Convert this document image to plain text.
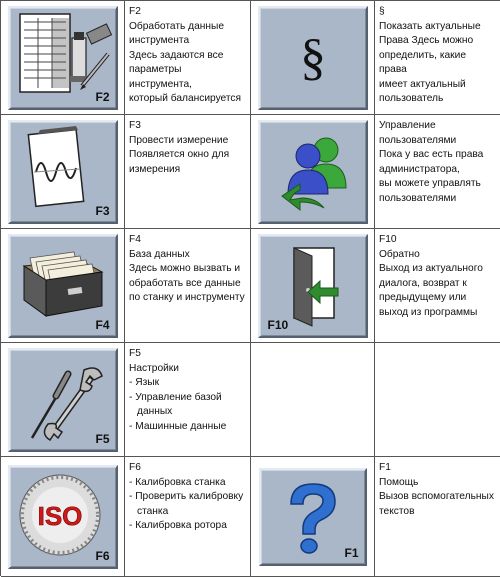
F2
F2
Обработать данные
инструмента
Здесь задаются все
параметры инструмента,
который балансируется
§
§
Показать актуальные
Права Здесь можно
определить, какие права
имеет актуальный
пользователь
F3
F3
Провести измерение
Появляется окно для
измерения
Управление
пользователями
Пока у вас есть права
администратора,
вы можете управлять
пользователями
F4
F4
База данных
Здесь можно вызвать и
обработать все данные
по станку и инструменту
F10
F10
Обратно
Выход из актуального
диалога, возврат к
предыдущему или
выход из программы
F5
F5
Настройки
- Язык
- Управление базой данных
- Машинные данные
ISO
F6
F6
- Калибровка станка
- Проверить калибровку станка
- Калибровка ротора
F1
F1
Помощь
Вызов вспомогательных
текстов
